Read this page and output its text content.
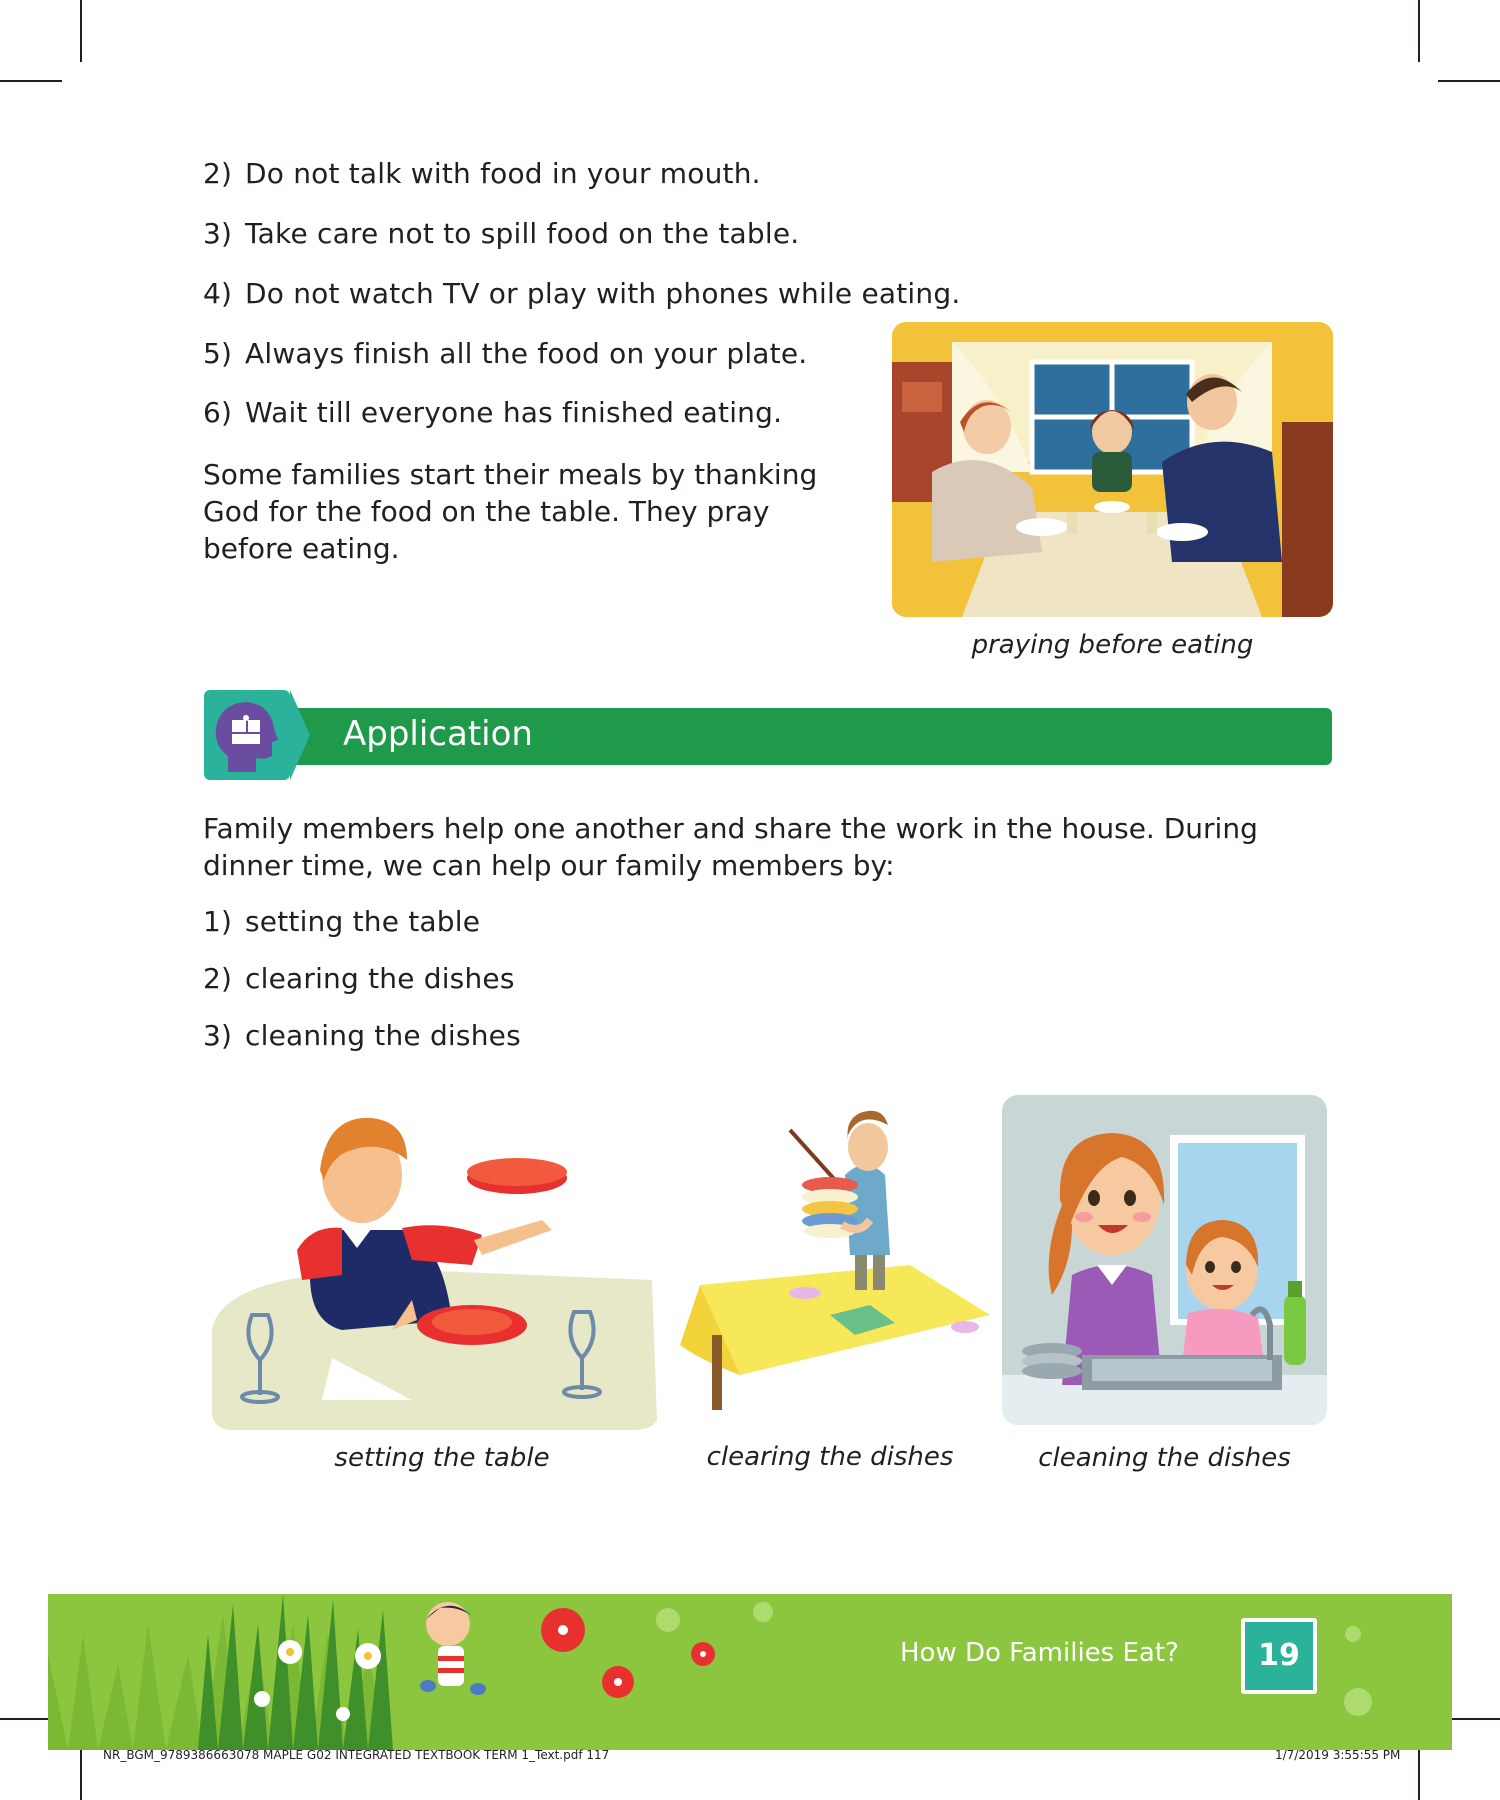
2) Do not talk with food in your mouth.
3) Take care not to spill food on the table.
4) Do not watch TV or play with phones while eating.
5) Always finish all the food on your plate.
6) Wait till everyone has finished eating.
Some families start their meals by thanking
God for the food on the table. They pray
before eating.
praying before eating
Application
Family members help one another and share the work in the house. During
dinner time, we can help our family members by:
1) setting the table
2) clearing the dishes
3) cleaning the dishes
setting the table	clearing the dishes	cleaning the dishes
How Do Families Eat?	19
NR_BGM_9789386663078 MAPLE G02 INTEGRATED TEXTBOOK TERM 1_Text.pdf 117	1/7/2019 3:55:55 PM
